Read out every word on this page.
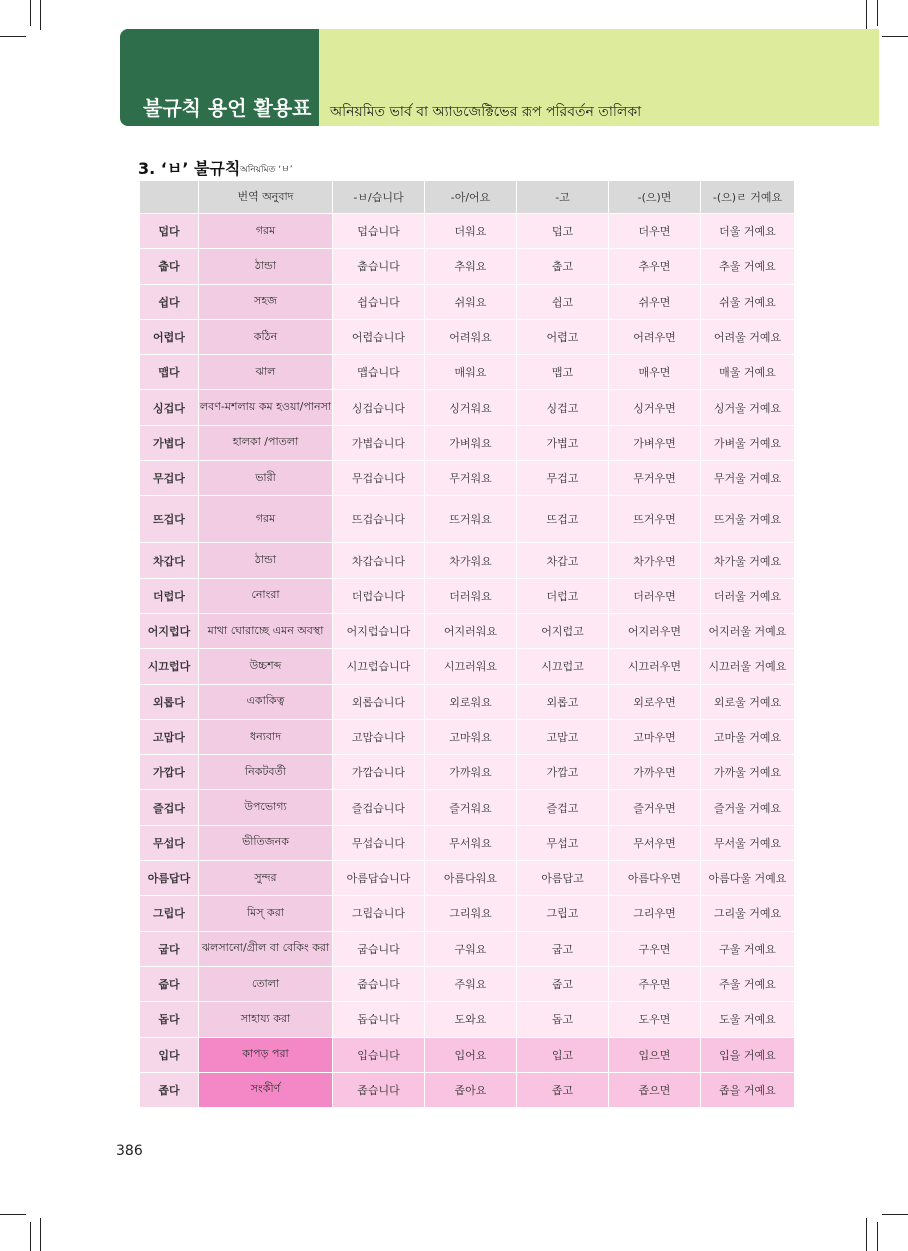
불규칙 용언 활용표 অনিয়মিত ভার্ব বা অ্যাডজেক্টিভের রূপ পরিবর্তন তালিকা
3. ‘ㅂ’ 불규칙 অনিয়মিত ‘ㅂ’
	번역 অনুবাদ	-ㅂ/습니다	-아/어요	-고	-(으)면	-(으)ㄹ 거예요
덥다	গরম	덥습니다	더워요	덥고	더우면	더울 거예요
춥다	ঠান্ডা	춥습니다	추워요	춥고	추우면	추울 거예요
쉽다	সহজ	쉽습니다	쉬워요	쉽고	쉬우면	쉬울 거예요
어렵다	কঠিন	어렵습니다	어려워요	어렵고	어려우면	어려울 거예요
맵다	ঝাল	맵습니다	매워요	맵고	매우면	매울 거예요
싱겁다	লবণ-মশলায় কম হওয়া/পানসা	싱겁습니다	싱거워요	싱겁고	싱거우면	싱거울 거예요
가볍다	হালকা /পাতলা	가볍습니다	가벼워요	가볍고	가벼우면	가벼울 거예요
무겁다	ভারী	무겁습니다	무거워요	무겁고	무거우면	무거울 거예요
뜨겁다	গরম	뜨겁습니다	뜨거워요	뜨겁고	뜨거우면	뜨거울 거예요
차갑다	ঠান্ডা	차갑습니다	차가워요	차갑고	차가우면	차가울 거예요
더럽다	নোংরা	더럽습니다	더러워요	더럽고	더러우면	더러울 거예요
어지럽다	মাথা ঘোরাচ্ছে এমন অবস্থা	어지럽습니다	어지러워요	어지럽고	어지러우면	어지러울 거예요
시끄럽다	উচ্চশব্দ	시끄럽습니다	시끄러워요	시끄럽고	시끄러우면	시끄러울 거예요
외롭다	একাকিত্ব	외롭습니다	외로워요	외롭고	외로우면	외로울 거예요
고맙다	ধন্যবাদ	고맙습니다	고마워요	고맙고	고마우면	고마울 거예요
가깝다	নিকটবর্তী	가깝습니다	가까워요	가깝고	가까우면	가까울 거예요
즐겁다	উপভোগ্য	즐겁습니다	즐거워요	즐겁고	즐거우면	즐거울 거예요
무섭다	ভীতিজনক	무섭습니다	무서워요	무섭고	무서우면	무서울 거예요
아름답다	সুন্দর	아름답습니다	아름다워요	아름답고	아름다우면	아름다울 거예요
그립다	মিস্ করা	그립습니다	그리워요	그립고	그리우면	그리울 거예요
굽다	ঝলসানো/গ্রীল বা বেকিং করা	굽습니다	구워요	굽고	구우면	구울 거예요
줍다	তোলা	줍습니다	주워요	줍고	주우면	주울 거예요
돕다	সাহায্য করা	돕습니다	도와요	돕고	도우면	도울 거예요
입다	কাপড় পরা	입습니다	입어요	입고	입으면	입을 거예요
좁다	সংকীর্ণ	좁습니다	좁아요	좁고	좁으면	좁을 거예요
386
